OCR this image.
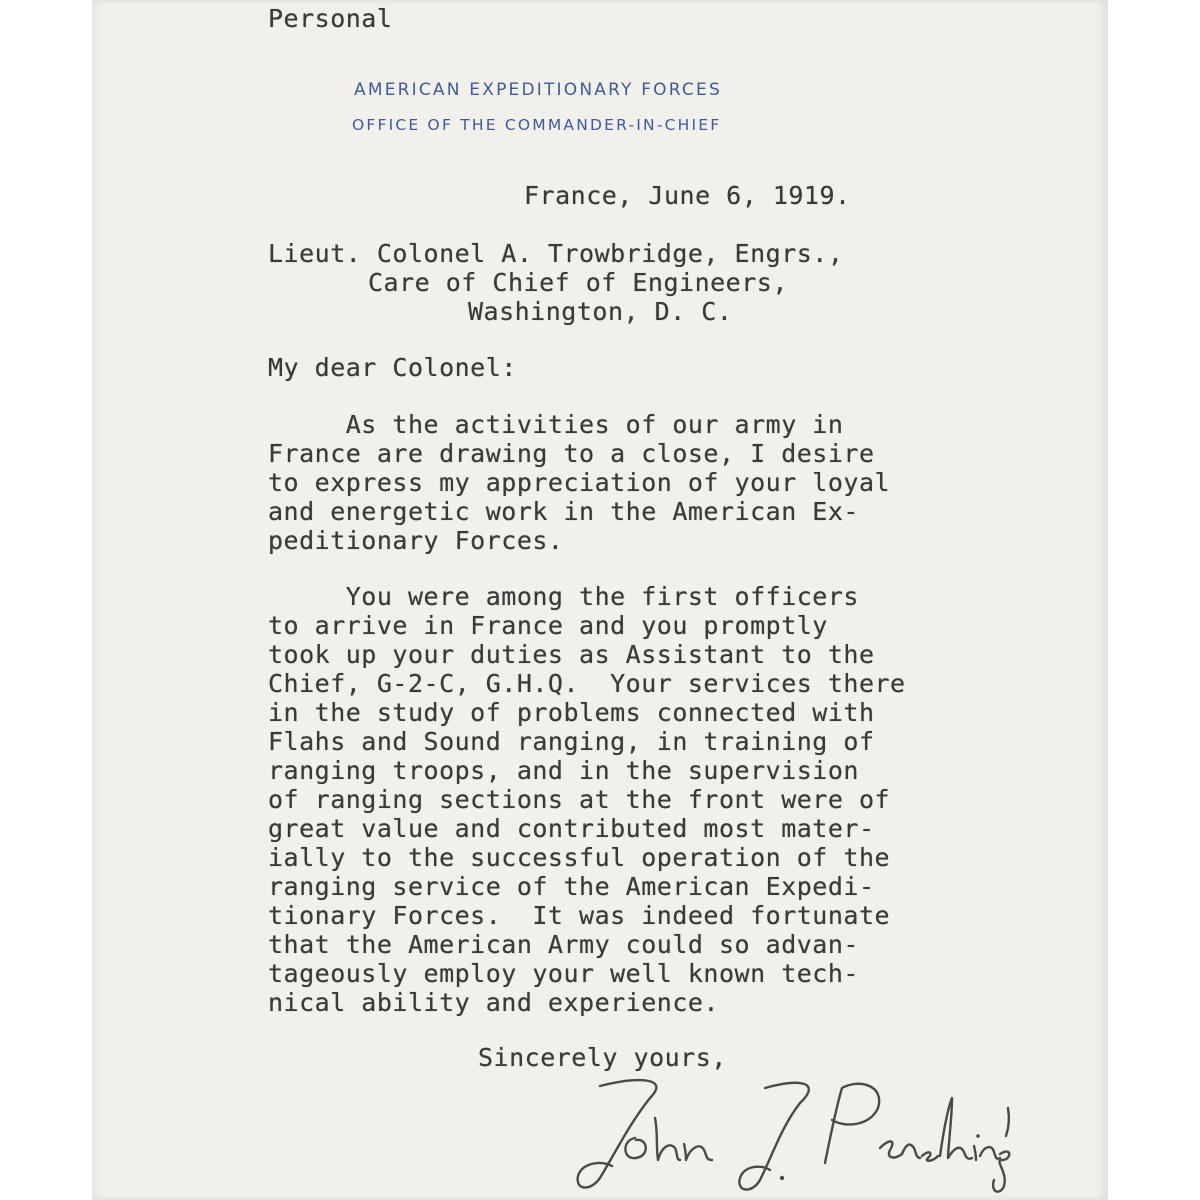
Personal
AMERICAN EXPEDITIONARY FORCES
OFFICE OF THE COMMANDER-IN-CHIEF
France, June 6, 1919.
Lieut. Colonel A. Trowbridge, Engrs.,
Care of Chief of Engineers,
Washington, D. C.
My dear Colonel:
As the activities of our army in
France are drawing to a close, I desire
to express my appreciation of your loyal
and energetic work in the American Ex-
peditionary Forces.
You were among the first officers
to arrive in France and you promptly
took up your duties as Assistant to the
Chief, G-2-C, G.H.Q.  Your services there
in the study of problems connected with
Flahs and Sound ranging, in training of
ranging troops, and in the supervision
of ranging sections at the front were of
great value and contributed most mater-
ially to the successful operation of the
ranging service of the American Expedi-
tionary Forces.  It was indeed fortunate
that the American Army could so advan-
tageously employ your well known tech-
nical ability and experience.
Sincerely yours,
